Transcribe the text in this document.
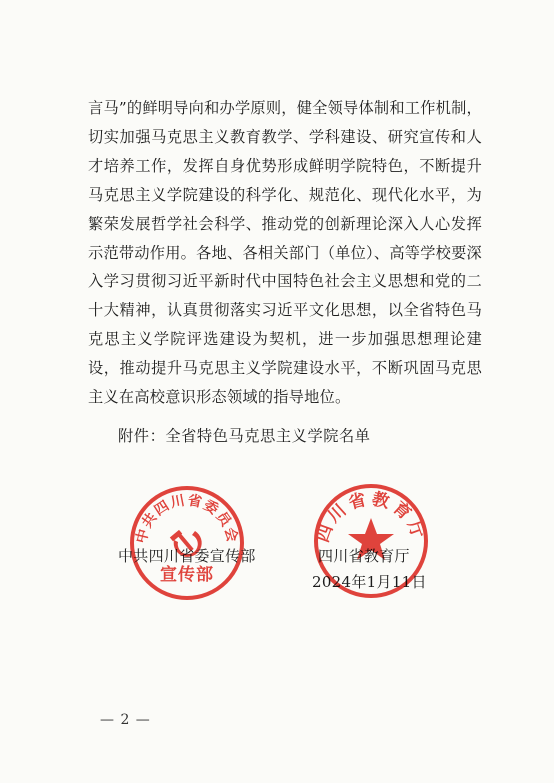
言马”的鲜明导向和办学原则，健全领导体制和工作机制，切实加强马克思主义教育教学、学科建设、研究宣传和人才培养工作，发挥自身优势形成鲜明学院特色，不断提升马克思主义学院建设的科学化、规范化、现代化水平，为繁荣发展哲学社会科学、推动党的创新理论深入人心发挥示范带动作用。各地、各相关部门（单位）、高等学校要深入学习贯彻习近平新时代中国特色社会主义思想和党的二十大精神，认真贯彻落实习近平文化思想，以全省特色马克思主义学院评选建设为契机，进一步加强思想理论建设，推动提升马克思主义学院建设水平，不断巩固马克思主义在高校意识形态领域的指导地位。

附件：全省特色马克思主义学院名单
中共四川省委宣传部	四川省教育厅
2024年1月11日
中共四川省委员会
宣传部
四川省教育厅
— 2 —
